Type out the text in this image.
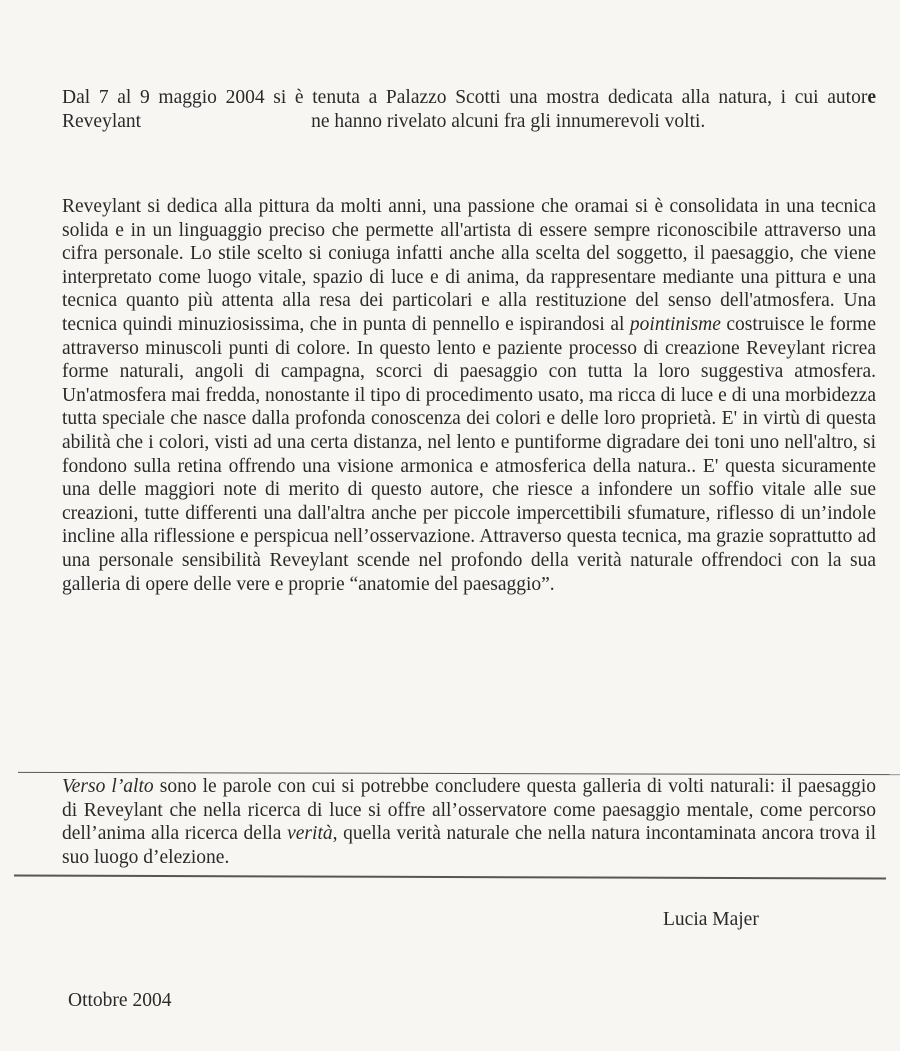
Dal 7 al 9 maggio 2004 si è tenuta a Palazzo Scotti una mostra dedicata alla natura, i cui autore Reveylant	ne hanno rivelato alcuni fra gli innumerevoli volti.

Reveylant si dedica alla pittura da molti anni, una passione che oramai si è consolidata in una tecnica solida e in un linguaggio preciso che permette all'artista di essere sempre riconoscibile attraverso una cifra personale. Lo stile scelto si coniuga infatti anche alla scelta del soggetto, il paesaggio, che viene interpretato come luogo vitale, spazio di luce e di anima, da rappresentare mediante una pittura e una tecnica quanto più attenta alla resa dei particolari e alla restituzione del senso dell'atmosfera. Una tecnica quindi minuziosissima, che in punta di pennello e ispirandosi al pointinisme costruisce le forme attraverso minuscoli punti di colore. In questo lento e paziente processo di creazione Reveylant ricrea forme naturali, angoli di campagna, scorci di paesaggio con tutta la loro suggestiva atmosfera. Un'atmosfera mai fredda, nonostante il tipo di procedimento usato, ma ricca di luce e di una morbidezza tutta speciale che nasce dalla profonda conoscenza dei colori e delle loro proprietà. E' in virtù di questa abilità che i colori, visti ad una certa distanza, nel lento e puntiforme digradare dei toni uno nell'altro, si fondono sulla retina offrendo una visione armonica e atmosferica della natura.. E' questa sicuramente una delle maggiori note di merito di questo autore, che riesce a infondere un soffio vitale alle sue creazioni, tutte differenti una dall'altra anche per piccole impercettibili sfumature, riflesso di un’indole incline alla riflessione e perspicua nell’osservazione. Attraverso questa tecnica, ma grazie soprattutto ad una personale sensibilità Reveylant scende nel profondo della verità naturale offrendoci con la sua galleria di opere delle vere e proprie “anatomie del paesaggio”.

Verso l’alto sono le parole con cui si potrebbe concludere questa galleria di volti naturali: il paesaggio di Reveylant che nella ricerca di luce si offre all’osservatore come paesaggio mentale, come percorso dell’anima alla ricerca della verità, quella verità naturale che nella natura incontaminata ancora trova il suo luogo d’elezione.

Lucia Majer
Ottobre 2004
